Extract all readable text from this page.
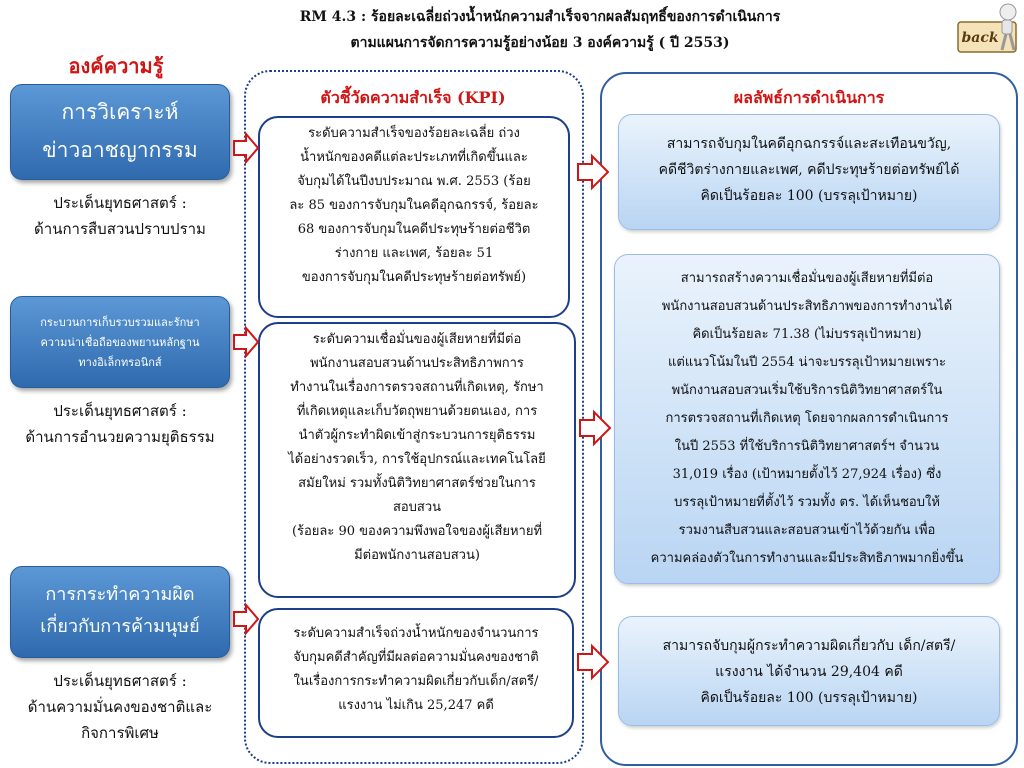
RM 4.3 : ร้อยละเฉลี่ยถ่วงน้ำหนักความสำเร็จจากผลสัมฤทธิ์ของการดำเนินการ
ตามแผนการจัดการความรู้อย่างน้อย 3 องค์ความรู้ ( ปี 2553)	back
องค์ความรู้
การวิเคราะห์
ข่าวอาชญากรรม
ประเด็นยุทธศาสตร์ :
ด้านการสืบสวนปราบปราม
กระบวนการเก็บรวบรวมและรักษา
ความน่าเชื่อถือของพยานหลักฐาน
ทางอิเล็กทรอนิกส์
ประเด็นยุทธศาสตร์ :
ด้านการอำนวยความยุติธรรม
การกระทำความผิด
เกี่ยวกับการค้ามนุษย์
ประเด็นยุทธศาสตร์ :
ด้านความมั่นคงของชาติและ
กิจการพิเศษ
ตัวชี้วัดความสำเร็จ (KPI)
ระดับความสำเร็จของร้อยละเฉลี่ย ถ่วง
น้ำหนักของคดีแต่ละประเภทที่เกิดขึ้นและ
จับกุมได้ในปีงบประมาณ พ.ศ. 2553 (ร้อย
ละ 85 ของการจับกุมในคดีอุกฉกรรจ์, ร้อยละ
68 ของการจับกุมในคดีประทุษร้ายต่อชีวิต
ร่างกาย และเพศ, ร้อยละ 51
ของการจับกุมในคดีประทุษร้ายต่อทรัพย์)
ระดับความเชื่อมั่นของผู้เสียหายที่มีต่อ
พนักงานสอบสวนด้านประสิทธิภาพการ
ทำงานในเรื่องการตรวจสถานที่เกิดเหตุ, รักษา
ที่เกิดเหตุและเก็บวัตถุพยานด้วยตนเอง, การ
นำตัวผู้กระทำผิดเข้าสู่กระบวนการยุติธรรม
ได้อย่างรวดเร็ว, การใช้อุปกรณ์และเทคโนโลยี
สมัยใหม่ รวมทั้งนิติวิทยาศาสตร์ช่วยในการ
สอบสวน
(ร้อยละ 90 ของความพึงพอใจของผู้เสียหายที่
มีต่อพนักงานสอบสวน)
ระดับความสำเร็จถ่วงน้ำหนักของจำนวนการ
จับกุมคดีสำคัญที่มีผลต่อความมั่นคงของชาติ
ในเรื่องการกระทำความผิดเกี่ยวกับเด็ก/สตรี/
แรงงาน ไม่เกิน 25,247 คดี
ผลลัพธ์การดำเนินการ
สามารถจับกุมในคดีอุกฉกรรจ์และสะเทือนขวัญ,
คดีชีวิตร่างกายและเพศ, คดีประทุษร้ายต่อทรัพย์ได้
คิดเป็นร้อยละ 100 (บรรลุเป้าหมาย)
สามารถสร้างความเชื่อมั่นของผู้เสียหายที่มีต่อ
พนักงานสอบสวนด้านประสิทธิภาพของการทำงานได้
คิดเป็นร้อยละ 71.38 (ไม่บรรลุเป้าหมาย)
แต่แนวโน้มในปี 2554 น่าจะบรรลุเป้าหมายเพราะ
พนักงานสอบสวนเริ่มใช้บริการนิติวิทยาศาสตร์ใน
การตรวจสถานที่เกิดเหตุ โดยจากผลการดำเนินการ
ในปี 2553 ที่ใช้บริการนิติวิทยาศาสตร์ฯ จำนวน
31,019 เรื่อง (เป้าหมายตั้งไว้ 27,924 เรื่อง) ซึ่ง
บรรลุเป้าหมายที่ตั้งไว้ รวมทั้ง ตร. ได้เห็นชอบให้
รวมงานสืบสวนและสอบสวนเข้าไว้ด้วยกัน เพื่อ
ความคล่องตัวในการทำงานและมีประสิทธิภาพมากยิ่งขึ้น
สามารถจับกุมผู้กระทำความผิดเกี่ยวกับ เด็ก/สตรี/
แรงงาน ได้จำนวน 29,404 คดี
คิดเป็นร้อยละ 100 (บรรลุเป้าหมาย)
